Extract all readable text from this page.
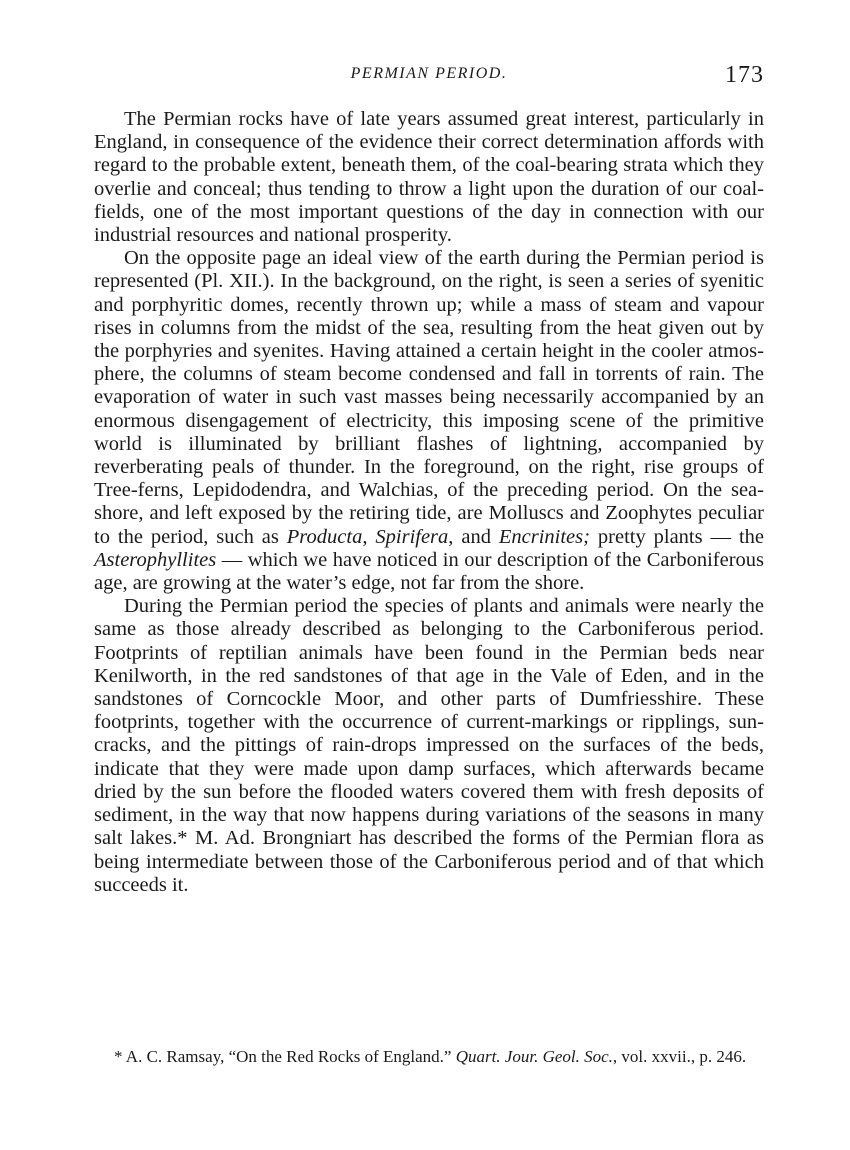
PERMIAN PERIOD.	173

The Permian rocks have of late years assumed great interest, particularly in England, in consequence of the evidence their correct determination affords with regard to the probable extent, beneath them, of the coal-bearing strata which they overlie and conceal; thus tending to throw a light upon the duration of our coal-fields, one of the most important questions of the day in connection with our industrial resources and national prosperity.

On the opposite page an ideal view of the earth during the Permian period is represented (Pl. XII.). In the background, on the right, is seen a series of syenitic and porphyritic domes, recently thrown up; while a mass of steam and vapour rises in columns from the midst of the sea, resulting from the heat given out by the porphyries and syenites. Having attained a certain height in the cooler atmosphere, the columns of steam become condensed and fall in torrents of rain. The evaporation of water in such vast masses being necessarily accompanied by an enormous disengagement of electricity, this imposing scene of the primitive world is illuminated by brilliant flashes of lightning, accompanied by reverberating peals of thunder. In the foreground, on the right, rise groups of Tree-ferns, Lepidodendra, and Walchias, of the preceding period. On the seashore, and left exposed by the retiring tide, are Molluscs and Zoophytes peculiar to the period, such as Producta, Spirifera, and Encrinites; pretty plants — the Asterophyllites — which we have noticed in our description of the Carboniferous age, are growing at the water’s edge, not far from the shore.

During the Permian period the species of plants and animals were nearly the same as those already described as belonging to the Carboniferous period. Footprints of reptilian animals have been found in the Permian beds near Kenilworth, in the red sandstones of that age in the Vale of Eden, and in the sandstones of Corncockle Moor, and other parts of Dumfriesshire. These footprints, together with the occurrence of current-markings or ripplings, sun-cracks, and the pittings of rain-drops impressed on the surfaces of the beds, indicate that they were made upon damp surfaces, which afterwards became dried by the sun before the flooded waters covered them with fresh deposits of sediment, in the way that now happens during variations of the seasons in many salt lakes.* M. Ad. Brongniart has described the forms of the Permian flora as being intermediate between those of the Carboniferous period and of that which succeeds it.

* A. C. Ramsay, “On the Red Rocks of England.” Quart. Jour. Geol. Soc., vol. xxvii., p. 246.
